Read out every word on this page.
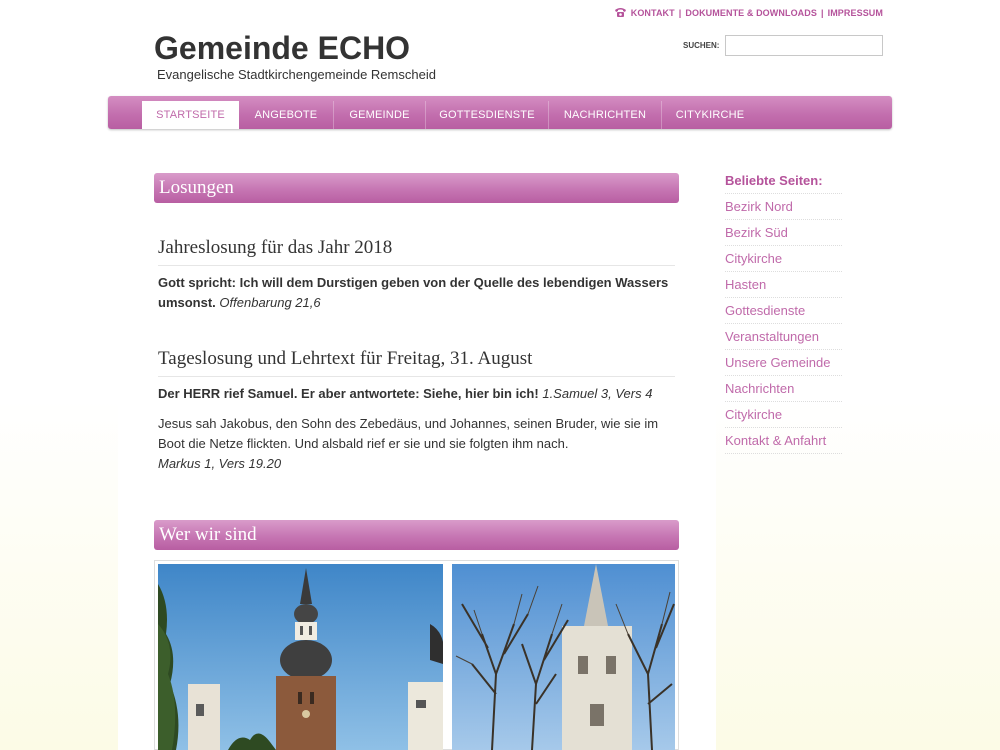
KONTAKT | DOKUMENTE & DOWNLOADS | IMPRESSUM
Gemeinde ECHO
Evangelische Stadtkirchengemeinde Remscheid
SUCHEN:
STARTSEITE	ANGEBOTE	GEMEINDE	GOTTESDIENSTE	NACHRICHTEN	CITYKIRCHE
Losungen
Jahreslosung für das Jahr 2018
Gott spricht: Ich will dem Durstigen geben von der Quelle des lebendigen Wassers umsonst. Offenbarung 21,6
Tageslosung und Lehrtext für Freitag, 31. August
Der HERR rief Samuel. Er aber antwortete: Siehe, hier bin ich! 1.Samuel 3, Vers 4
Jesus sah Jakobus, den Sohn des Zebedäus, und Johannes, seinen Bruder, wie sie im Boot die Netze flickten. Und alsbald rief er sie und sie folgten ihm nach.
Markus 1, Vers 19.20
Wer wir sind
Beliebte Seiten:
Bezirk Nord
Bezirk Süd
Citykirche
Hasten
Gottesdienste
Veranstaltungen
Unsere Gemeinde
Nachrichten
Citykirche
Kontakt & Anfahrt
